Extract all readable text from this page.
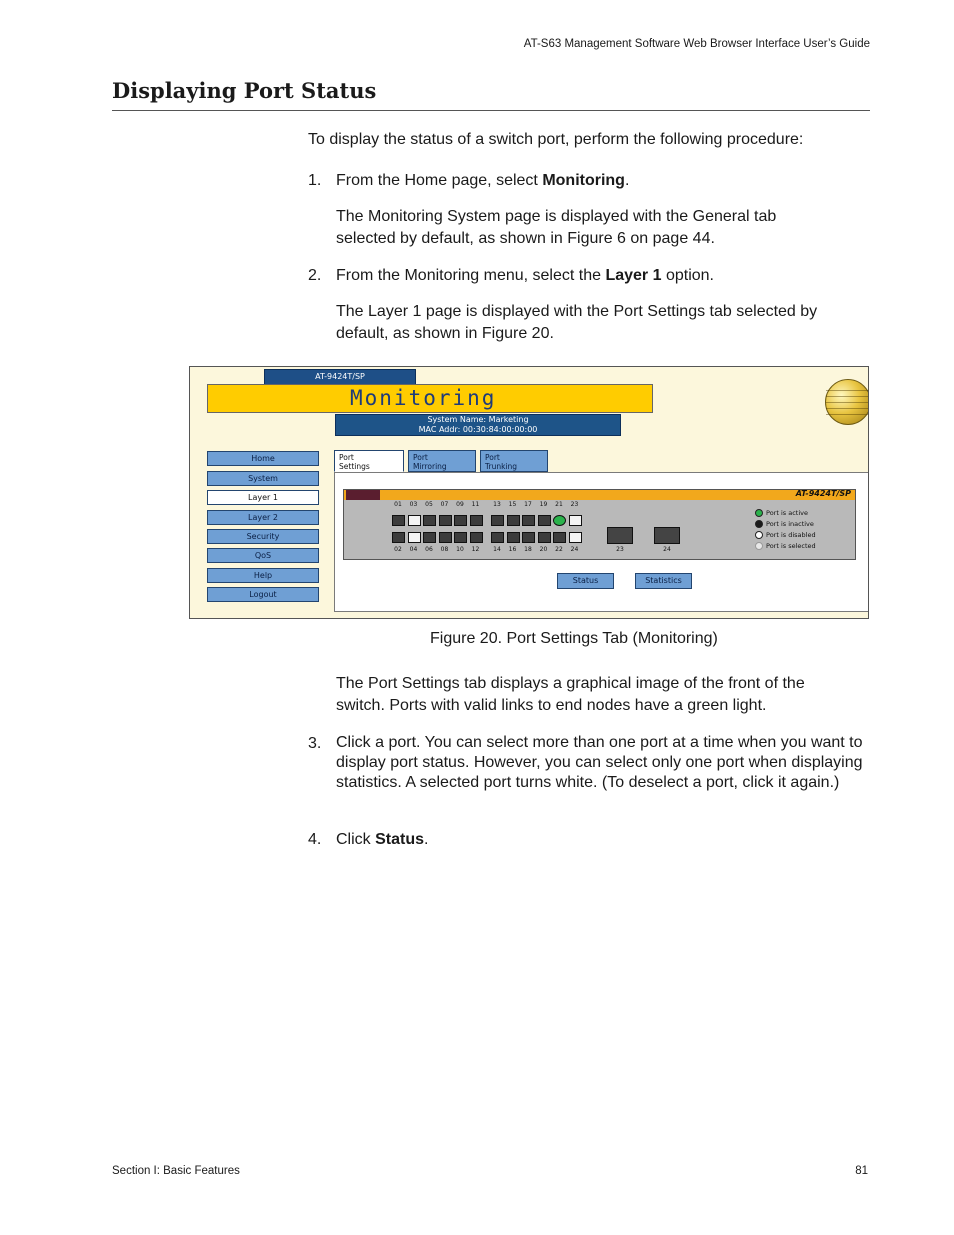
AT-S63 Management Software Web Browser Interface User’s Guide
Displaying Port Status
To display the status of a switch port, perform the following procedure:
1. From the Home page, select Monitoring.
The Monitoring System page is displayed with the General tab selected by default, as shown in Figure 6 on page 44.
2. From the Monitoring menu, select the Layer 1 option.
The Layer 1 page is displayed with the Port Settings tab selected by default, as shown in Figure 20.
AT-9424T/SP
Monitoring
System Name: Marketing
MAC Addr: 00:30:84:00:00:00
Home
System
Layer 1
Layer 2
Security
QoS
Help
Logout
Port
Settings
Port
Mirroring
Port
Trunking
AT-9424T/SP
01
02
03
04
05
06
07
08
09
10
11
12
13
14
15
16
17
18
19
20
21
22
23
24	23	24
Port is active
Port is inactive
Port is disabled
Port is selected
Status	Statistics
Figure 20. Port Settings Tab (Monitoring)
The Port Settings tab displays a graphical image of the front of the switch. Ports with valid links to end nodes have a green light.
3. Click a port. You can select more than one port at a time when you want to display port status. However, you can select only one port when displaying statistics. A selected port turns white. (To deselect a port, click it again.)
4. Click Status.
Section I: Basic Features	81
